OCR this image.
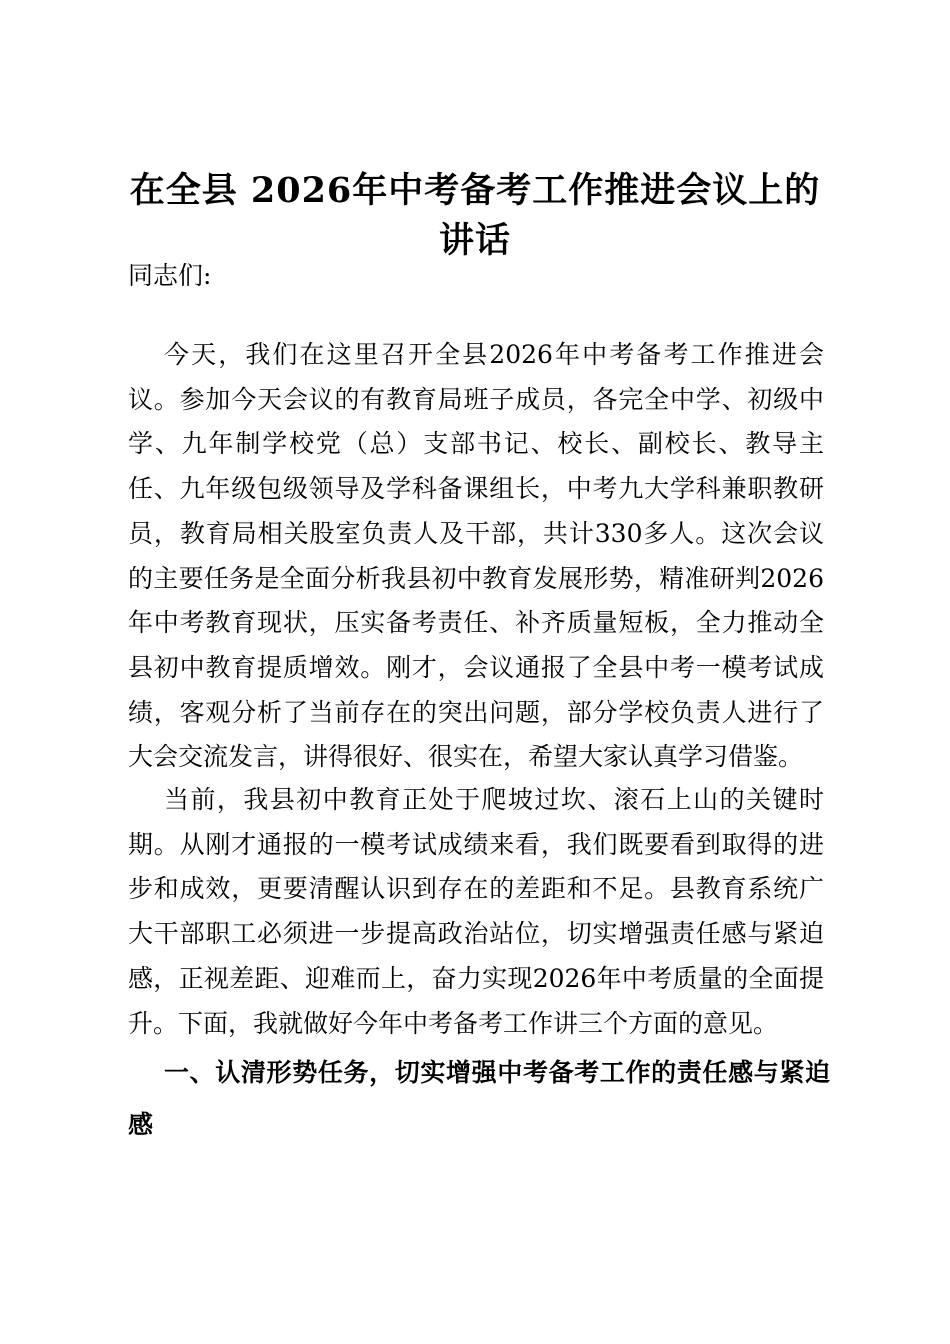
在全县 2026年中考备考工作推进会议上的讲话
同志们:
今天，我们在这里召开全县2026年中考备考工作推进会议。参加今天会议的有教育局班子成员，各完全中学、初级中学、九年制学校党（总）支部书记、校长、副校长、教导主任、九年级包级领导及学科备课组长，中考九大学科兼职教研员，教育局相关股室负责人及干部，共计330多人。这次会议的主要任务是全面分析我县初中教育发展形势，精准研判2026年中考教育现状，压实备考责任、补齐质量短板，全力推动全县初中教育提质增效。刚才，会议通报了全县中考一模考试成绩，客观分析了当前存在的突出问题，部分学校负责人进行了大会交流发言，讲得很好、很实在，希望大家认真学习借鉴。
当前，我县初中教育正处于爬坡过坎、滚石上山的关键时期。从刚才通报的一模考试成绩来看，我们既要看到取得的进步和成效，更要清醒认识到存在的差距和不足。县教育系统广大干部职工必须进一步提高政治站位，切实增强责任感与紧迫感，正视差距、迎难而上，奋力实现2026年中考质量的全面提升。下面，我就做好今年中考备考工作讲三个方面的意见。
一、认清形势任务，切实增强中考备考工作的责任感与紧迫感
